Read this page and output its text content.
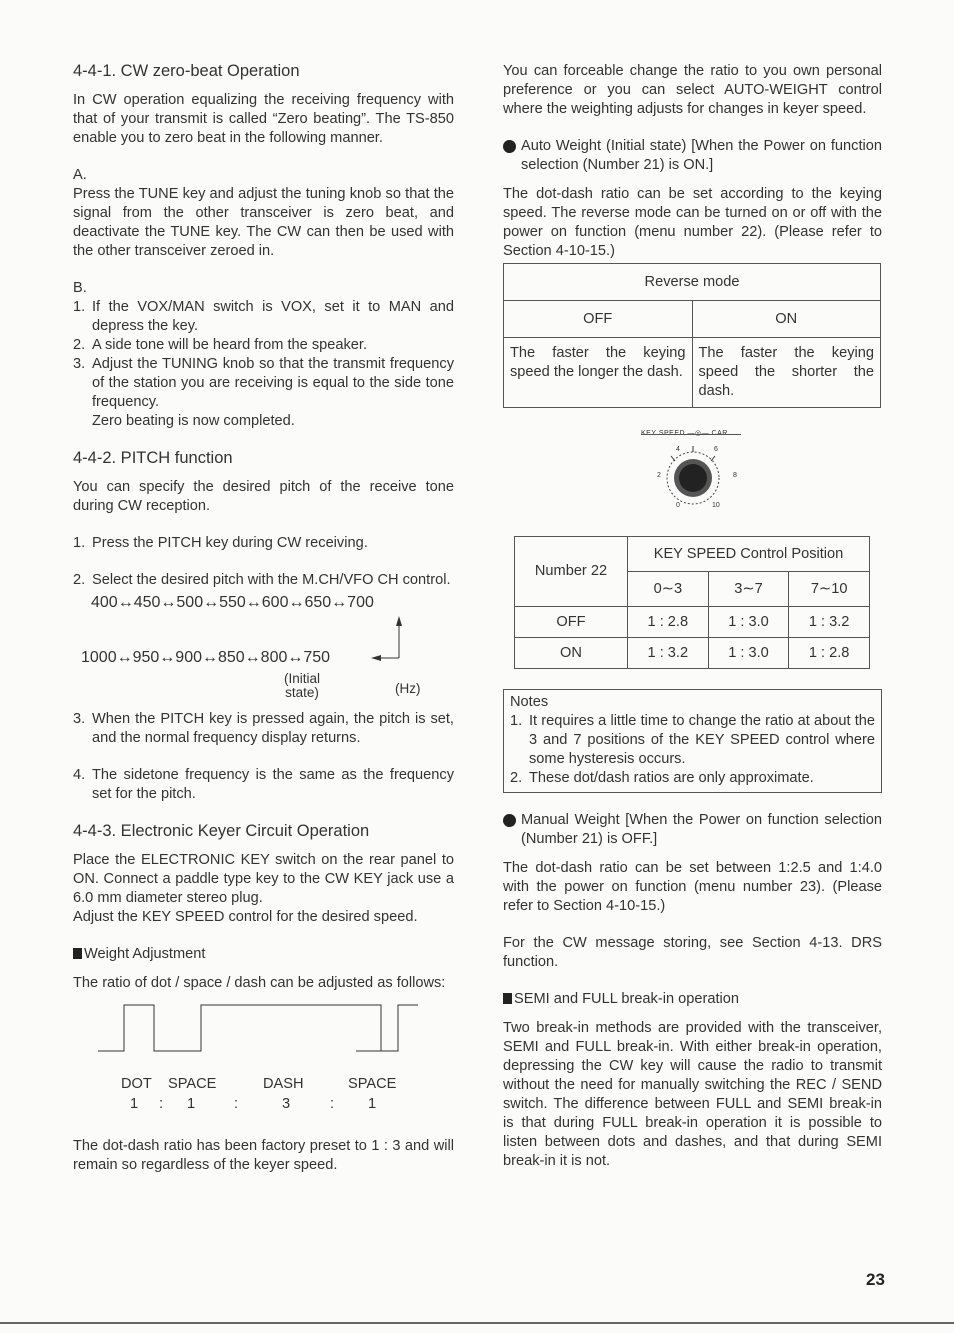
4-4-1. CW zero-beat Operation

In CW operation equalizing the receiving frequency with that of your transmit is called “Zero beating”. The TS-850 enable you to zero beat in the following manner.

A.

Press the TUNE key and adjust the tuning knob so that the signal from the other transceiver is zero beat, and deactivate the TUNE key. The CW can then be used with the other transceiver zeroed in.

B.

1. If the VOX/MAN switch is VOX, set it to MAN and depress the key.
2. A side tone will be heard from the speaker.
3. Adjust the TUNING knob so that the transmit frequency of the station you are receiving is equal to the side tone frequency.
Zero beating is now completed.
4-4-2. PITCH function

You can specify the desired pitch of the receive tone during CW reception.

1. Press the PITCH key during CW receiving.
2. Select the desired pitch with the M.CH/VFO CH control.
400↔450↔500↔550↔600↔650↔700
1000↔950↔900↔850↔800↔750
(Initial state)	(Hz)
3. When the PITCH key is pressed again, the pitch is set, and the normal frequency display returns.
4. The sidetone frequency is the same as the frequency set for the pitch.
4-4-3. Electronic Keyer Circuit Operation

Place the ELECTRONIC KEY switch on the rear panel to ON. Connect a paddle type key to the CW KEY jack use a 6.0 mm diameter stereo plug.

Adjust the KEY SPEED control for the desired speed.

Weight Adjustment

The ratio of dot / space / dash can be adjusted as follows:

DOT SPACE	DASH	SPACE
1 : 1	:	3	: 1

The dot-dash ratio has been factory preset to 1 : 3 and will remain so regardless of the keyer speed.

You can forceable change the ratio to you own personal preference or you can select AUTO-WEIGHT control where the weighting adjusts for changes in keyer speed.

Auto Weight (Initial state) [When the Power on function selection (Number 21) is ON.]

The dot-dash ratio can be set according to the keying speed. The reverse mode can be turned on or off with the power on function (menu number 22). (Please refer to Section 4-10-15.)

Reverse mode	
OFF	ON
The faster the keying speed the longer the dash.	The faster the keying speed the shorter the dash.
4	6
2	8
0	10
Number 22	KEY SPEED Control Position		
	0∼3	3∼7	7∼10
OFF	1 : 2.8	1 : 3.0	1 : 3.2
ON	1 : 3.2	1 : 3.0	1 : 2.8

Notes

1. It requires a little time to change the ratio at about the 3 and 7 positions of the KEY SPEED control where some hysteresis occurs.
2. These dot/dash ratios are only approximate.

Manual Weight [When the Power on function selection (Number 21) is OFF.]

The dot-dash ratio can be set between 1:2.5 and 1:4.0 with the power on function (menu number 23). (Please refer to Section 4-10-15.)

For the CW message storing, see Section 4-13. DRS function.

SEMI and FULL break-in operation

Two break-in methods are provided with the transceiver, SEMI and FULL break-in. With either break-in operation, depressing the CW key will cause the radio to transmit without the need for manually switching the REC / SEND switch. The difference between FULL and SEMI break-in is that during FULL break-in operation it is possible to listen between dots and dashes, and that during SEMI break-in it is not.

23
